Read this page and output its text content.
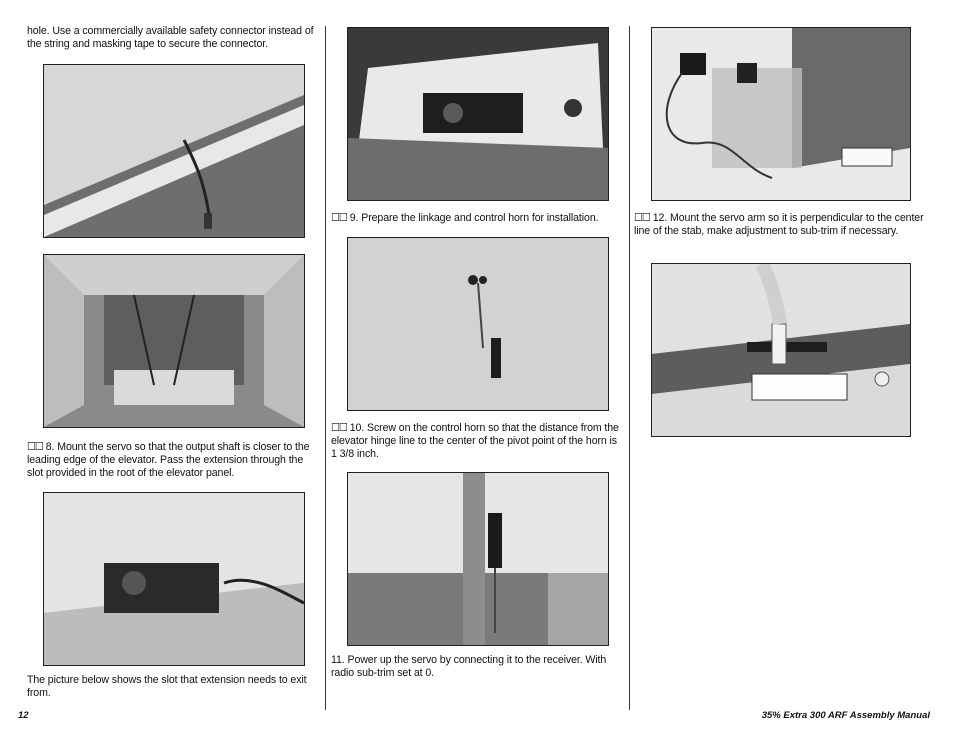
hole. Use a commercially available safety connector instead of the string and masking tape to secure the connector.
☐☐ 8. Mount the servo so that the output shaft is closer to the leading edge of the elevator. Pass the extension through the slot provided in the root of the elevator panel.
The picture below shows the slot that extension needs to exit from.
☐☐ 9. Prepare the linkage and control horn for installation.
☐☐ 10. Screw on the control horn so that the distance from the elevator hinge line to the center of the pivot point of the horn is 1 3/8 inch.
11. Power up the servo by connecting it to the receiver. With radio sub-trim set at 0.
☐☐ 12. Mount the servo arm so it is perpendicular to the center line of the stab, make adjustment to sub-trim if necessary.
12	35% Extra 300 ARF Assembly Manual
